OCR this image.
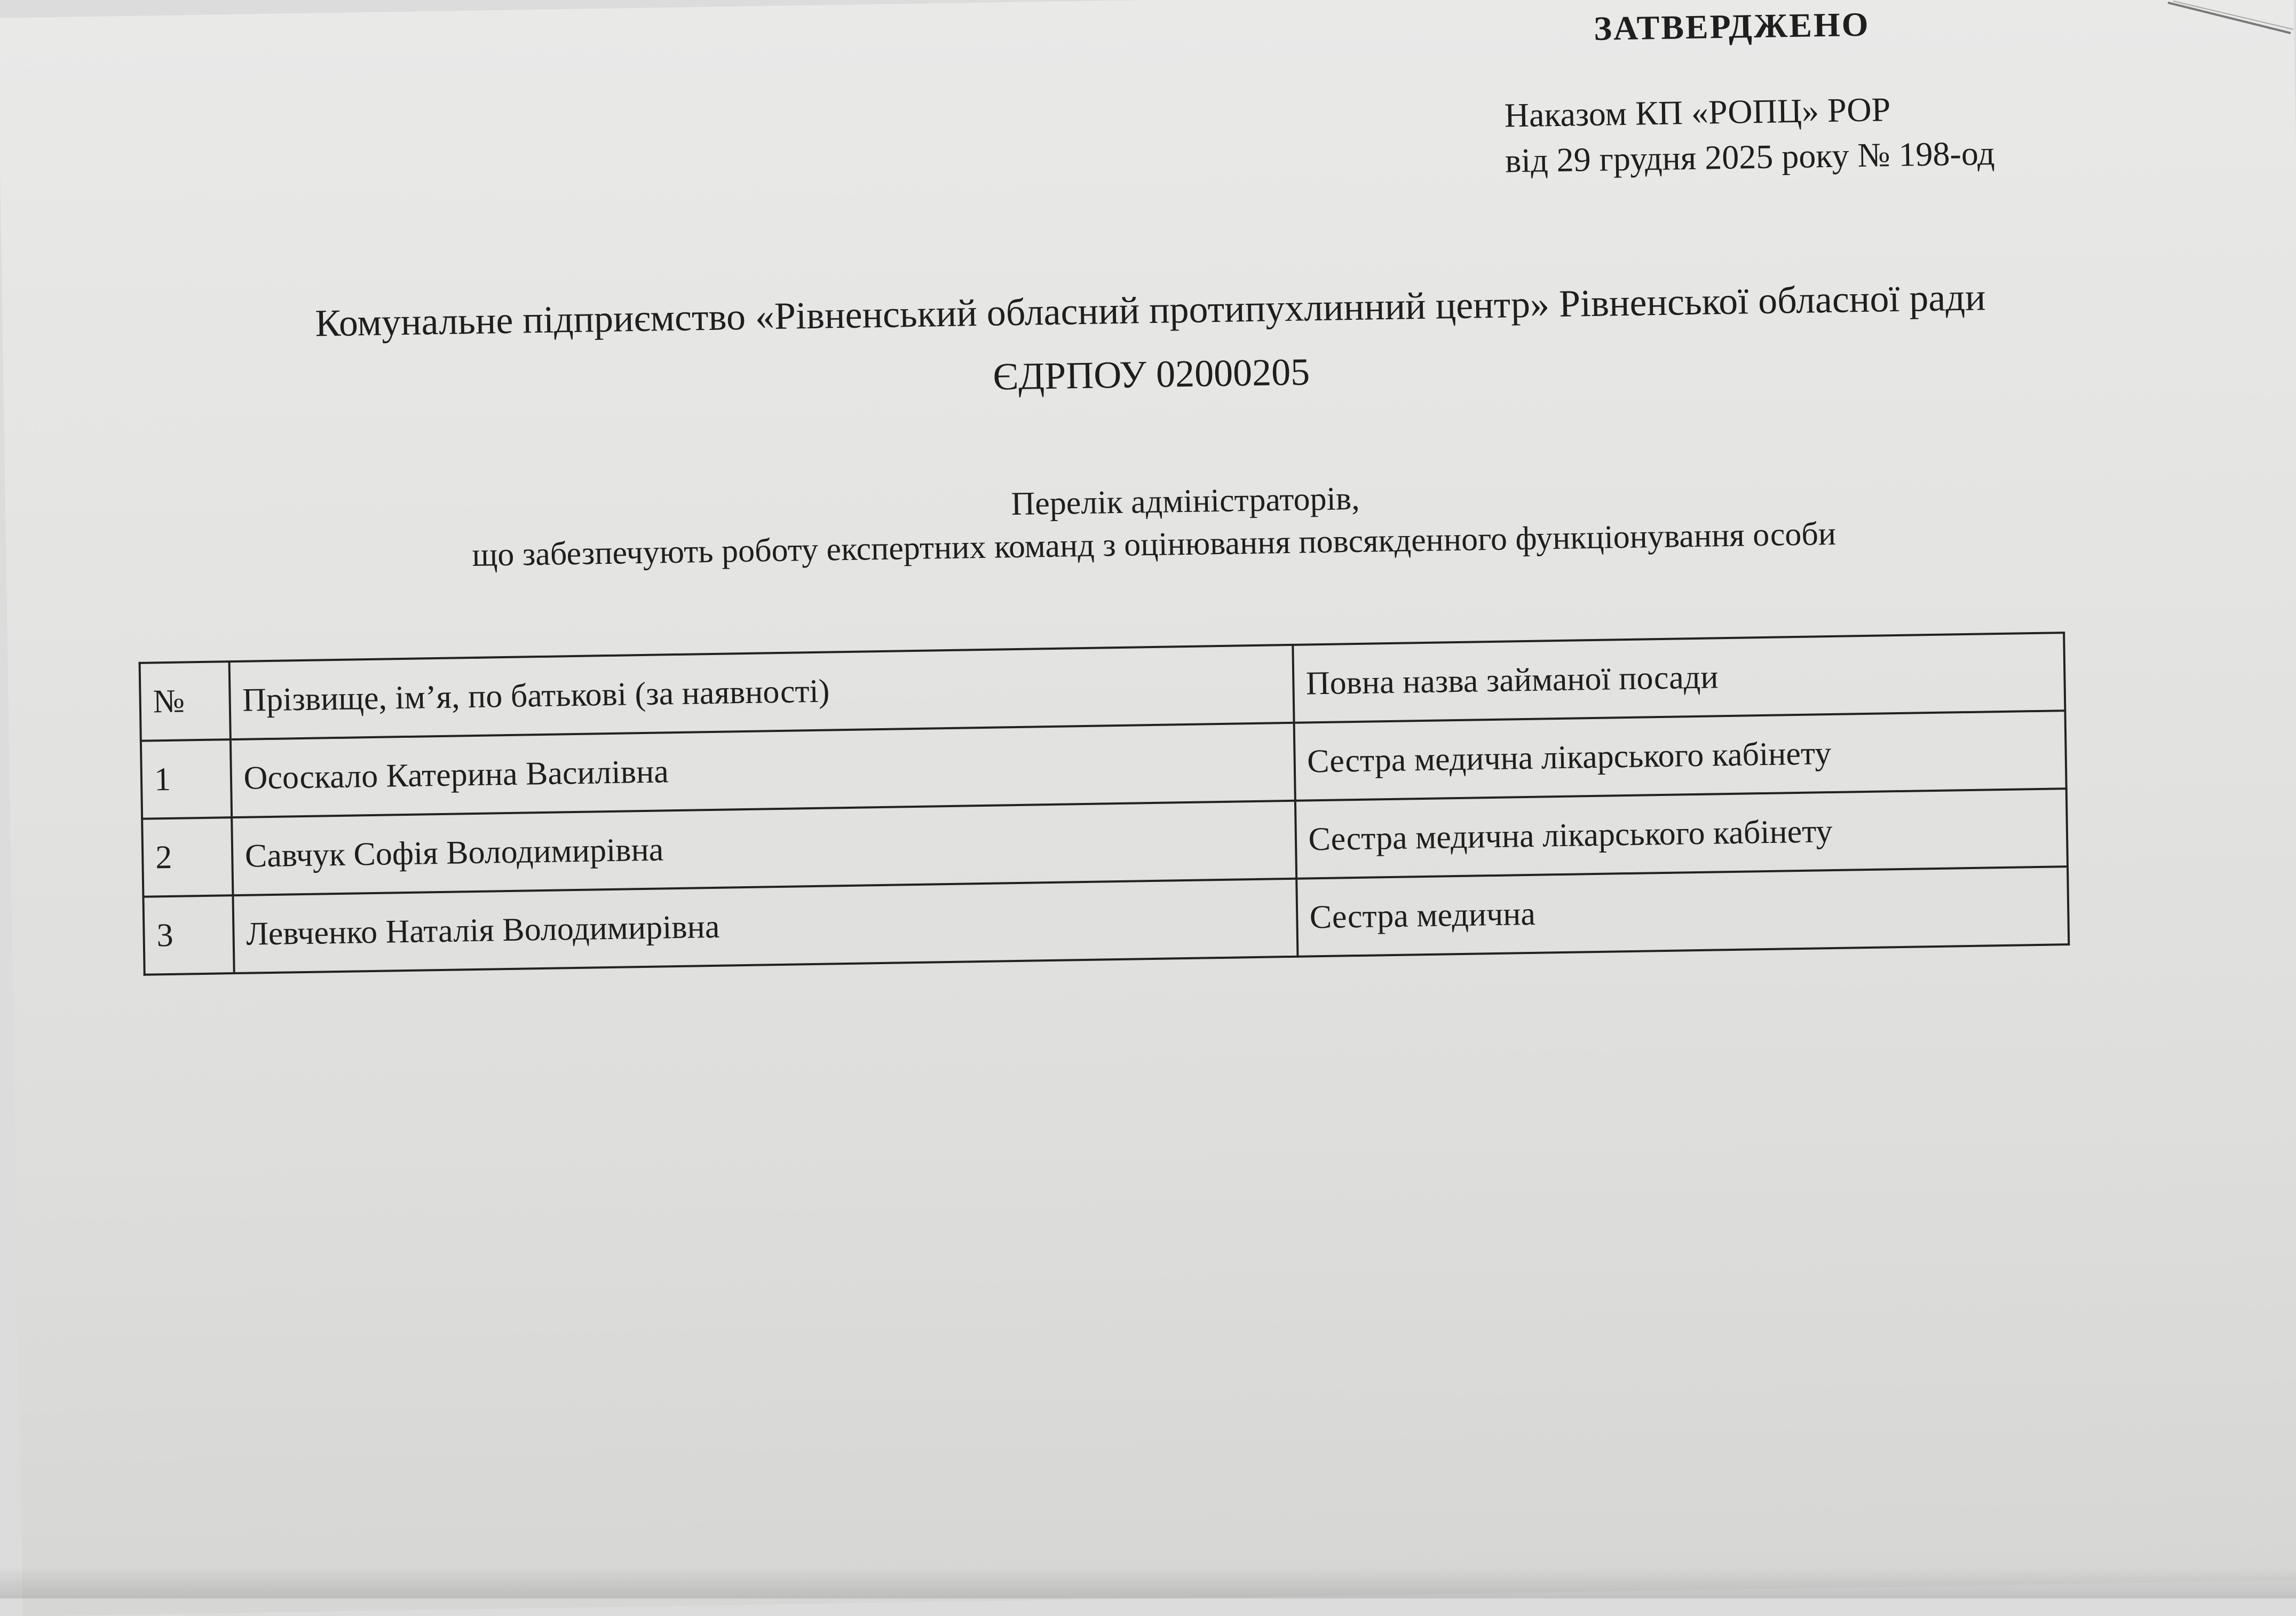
ЗАТВЕРДЖЕНО
Наказом КП «РОПЦ» РОР
від 29 грудня 2025 року № 198-од
Комунальне підприємство «Рівненський обласний протипухлинний центр» Рівненської обласної ради
ЄДРПОУ 02000205
Перелік адміністраторів,
що забезпечують роботу експертних команд з оцінювання повсякденного функціонування особи
№	Прізвище, ім’я, по батькові (за наявності)	Повна назва займаної посади
1	Ососкало Катерина Василівна	Сестра медична лікарського кабінету
2	Савчук Софія Володимирівна	Сестра медична лікарського кабінету
3	Левченко Наталія Володимирівна	Сестра медична
